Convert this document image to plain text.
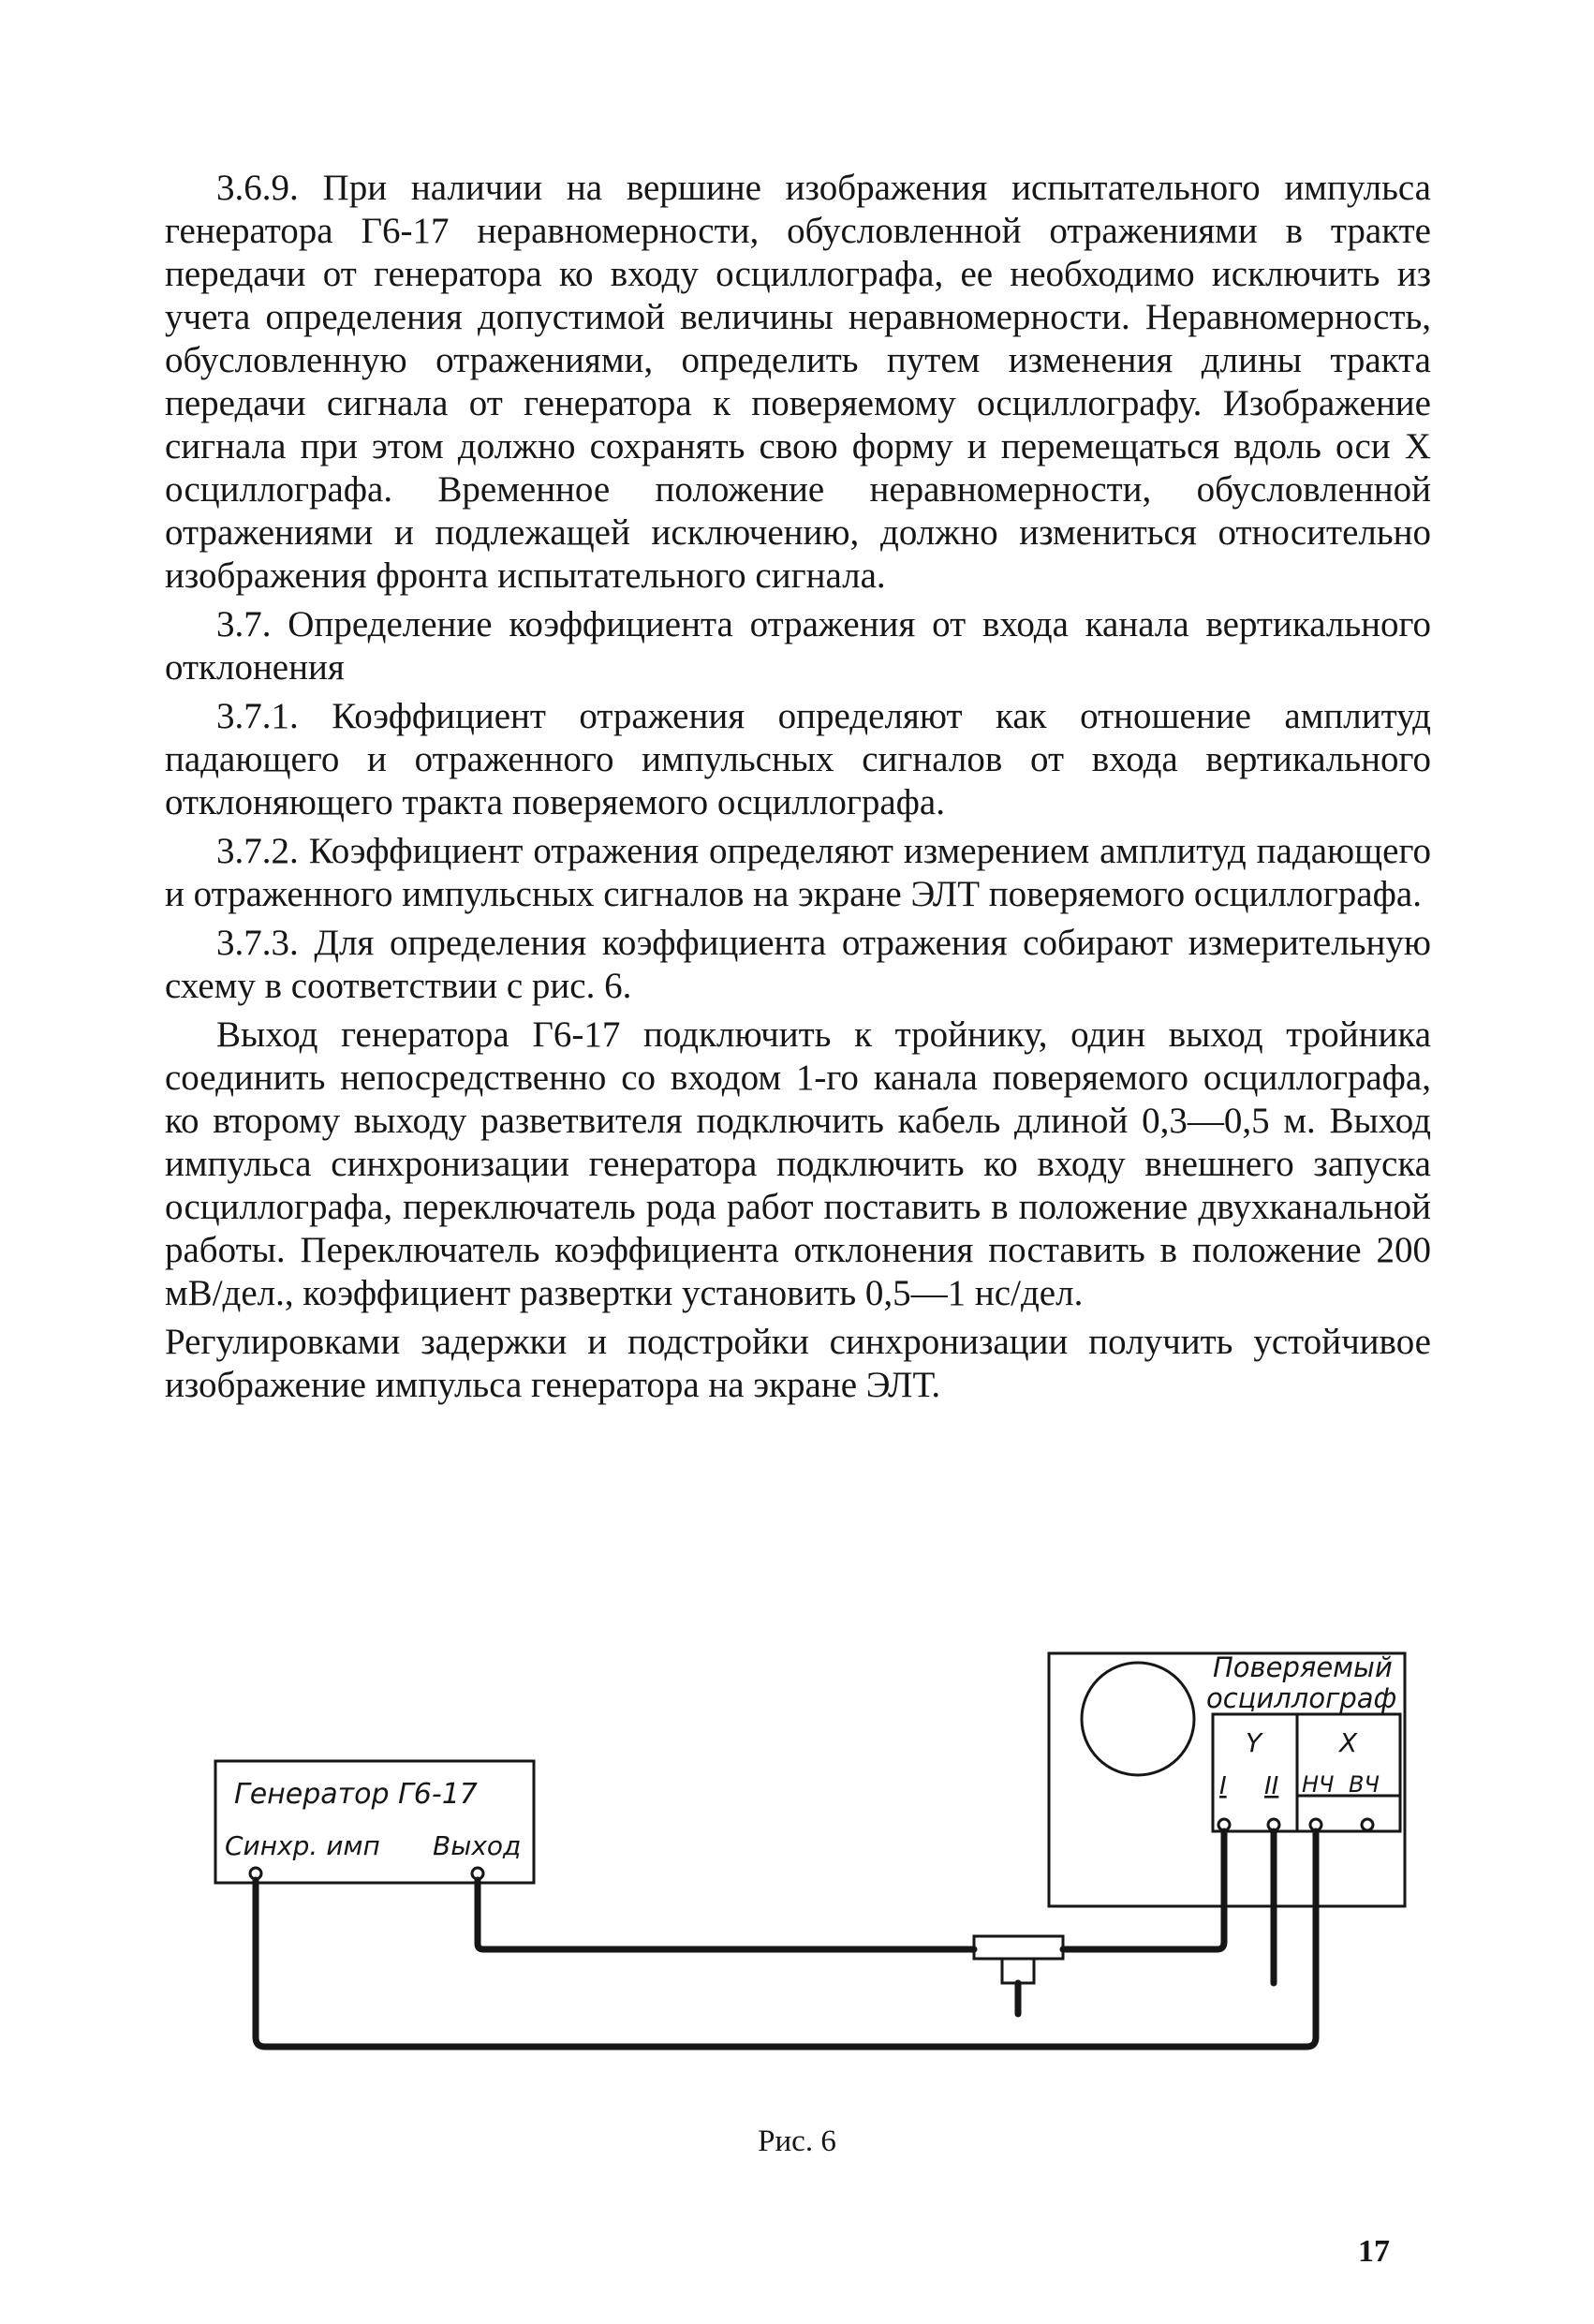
3.6.9. При наличии на вершине изображения испытательного импульса генератора Г6-17 неравномерности, обусловленной отражениями в тракте передачи от генератора ко входу осциллографа, ее необходимо исключить из учета определения допустимой величины неравномерности. Неравномерность, обусловленную отражениями, определить путем изменения длины тракта передачи сигнала от генератора к поверяемому осциллографу. Изображение сигнала при этом должно сохранять свою форму и перемещаться вдоль оси X осциллографа. Временное положение неравномерности, обусловленной отражениями и подлежащей исключению, должно измениться относительно изображения фронта испытательного сигнала.

3.7. Определение коэффициента отражения от входа канала вертикального отклонения

3.7.1. Коэффициент отражения определяют как отношение амплитуд падающего и отраженного импульсных сигналов от входа вертикального отклоняющего тракта поверяемого осциллографа.

3.7.2. Коэффициент отражения определяют измерением амплитуд падающего и отраженного импульсных сигналов на экране ЭЛТ поверяемого осциллографа.

3.7.3. Для определения коэффициента отражения собирают измерительную схему в соответствии с рис. 6.

Выход генератора Г6-17 подключить к тройнику, один выход тройника соединить непосредственно со входом 1-го канала поверяемого осциллографа, ко второму выходу разветвителя подключить кабель длиной 0,3—0,5 м. Выход импульса синхронизации генератора подключить ко входу внешнего запуска осциллографа, переключатель рода работ поставить в положение двухканальной работы. Переключатель коэффициента отклонения поставить в положение 200 мВ/дел., коэффициент развертки установить 0,5—1 нс/дел.

Регулировками задержки и подстройки синхронизации получить устойчивое изображение импульса генератора на экране ЭЛТ.

Генератор Г6-17
Синхр. имп Выход
Поверяемый
осциллограф
Y	X
I II НЧ ВЧ
Рис. 6
17
